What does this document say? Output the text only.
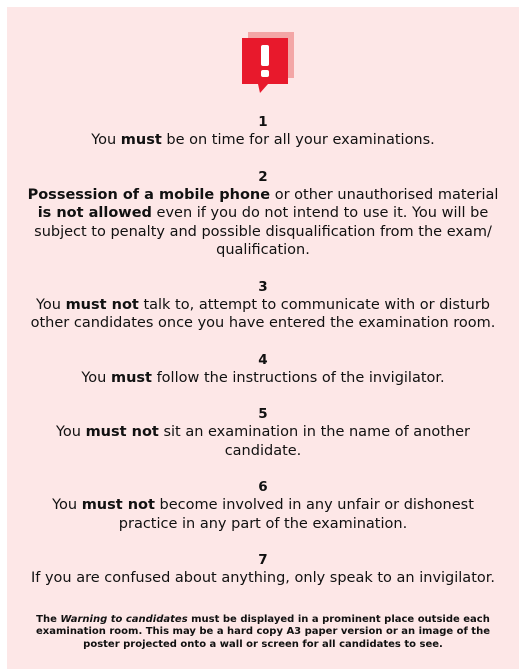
1
You must be on time for all your examinations.
2
Possession of a mobile phone or other unauthorised material is not allowed even if you do not intend to use it. You will be subject to penalty and possible disqualification from the exam/ qualification.
3
You must not talk to, attempt to communicate with or disturb other candidates once you have entered the examination room.
4
You must follow the instructions of the invigilator.
5
You must not sit an examination in the name of another candidate.
6
You must not become involved in any unfair or dishonest practice in any part of the examination.
7
If you are confused about anything, only speak to an invigilator.
The Warning to candidates must be displayed in a prominent place outside each examination room. This may be a hard copy A3 paper version or an image of the poster projected onto a wall or screen for all candidates to see.
